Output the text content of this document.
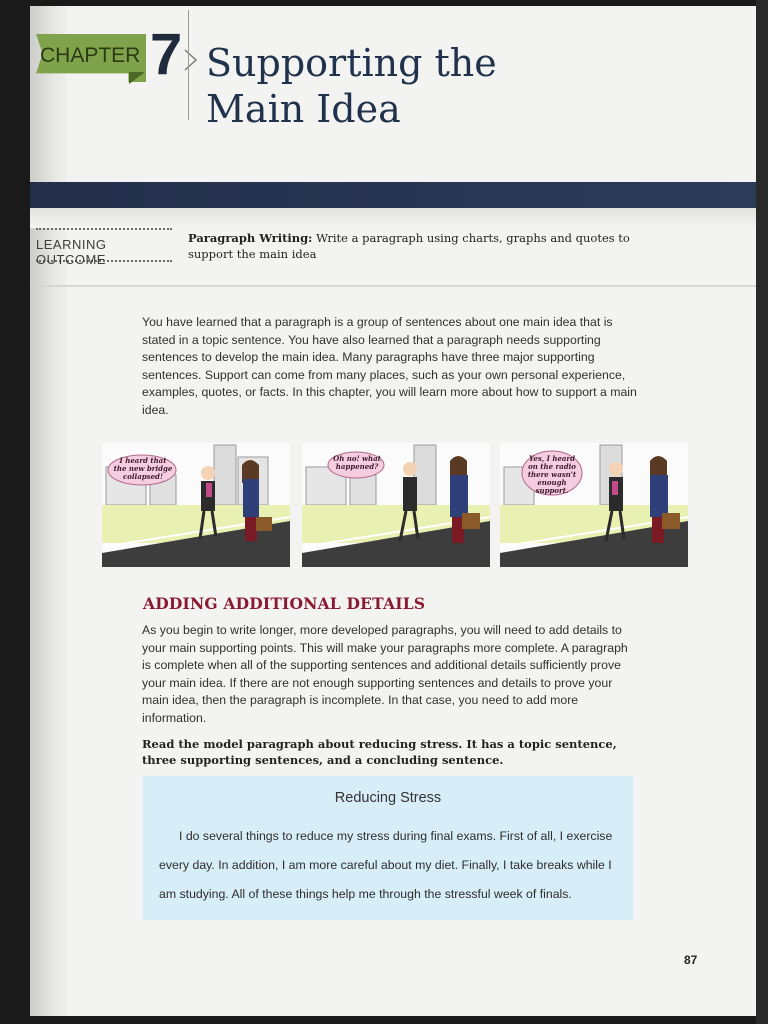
CHAPTER 7 Supporting the
Main Idea
LEARNING OUTCOME
Paragraph Writing: Write a paragraph using charts, graphs and quotes to support the main idea

You have learned that a paragraph is a group of sentences about one main idea that is stated in a topic sentence. You have also learned that a paragraph needs supporting sentences to develop the main idea. Many paragraphs have three major supporting sentences. Support can come from many places, such as your own personal experience, examples, quotes, or facts. In this chapter, you will learn more about how to support a main idea.

I heard that the new bridge collapsed!
Oh no! what happened?
Yes, I heard on the radio there wasn't enough support.
ADDING ADDITIONAL DETAILS

As you begin to write longer, more developed paragraphs, you will need to add details to your main supporting points. This will make your paragraphs more complete. A paragraph is complete when all of the supporting sentences and additional details sufficiently prove your main idea. If there are not enough supporting sentences and details to prove your main idea, then the paragraph is incomplete. In that case, you need to add more information.

Read the model paragraph about reducing stress. It has a topic sentence, three supporting sentences, and a concluding sentence.

Reducing Stress

I do several things to reduce my stress during final exams. First of all, I exercise every day. In addition, I am more careful about my diet. Finally, I take breaks while I am studying. All of these things help me through the stressful week of finals.

87
